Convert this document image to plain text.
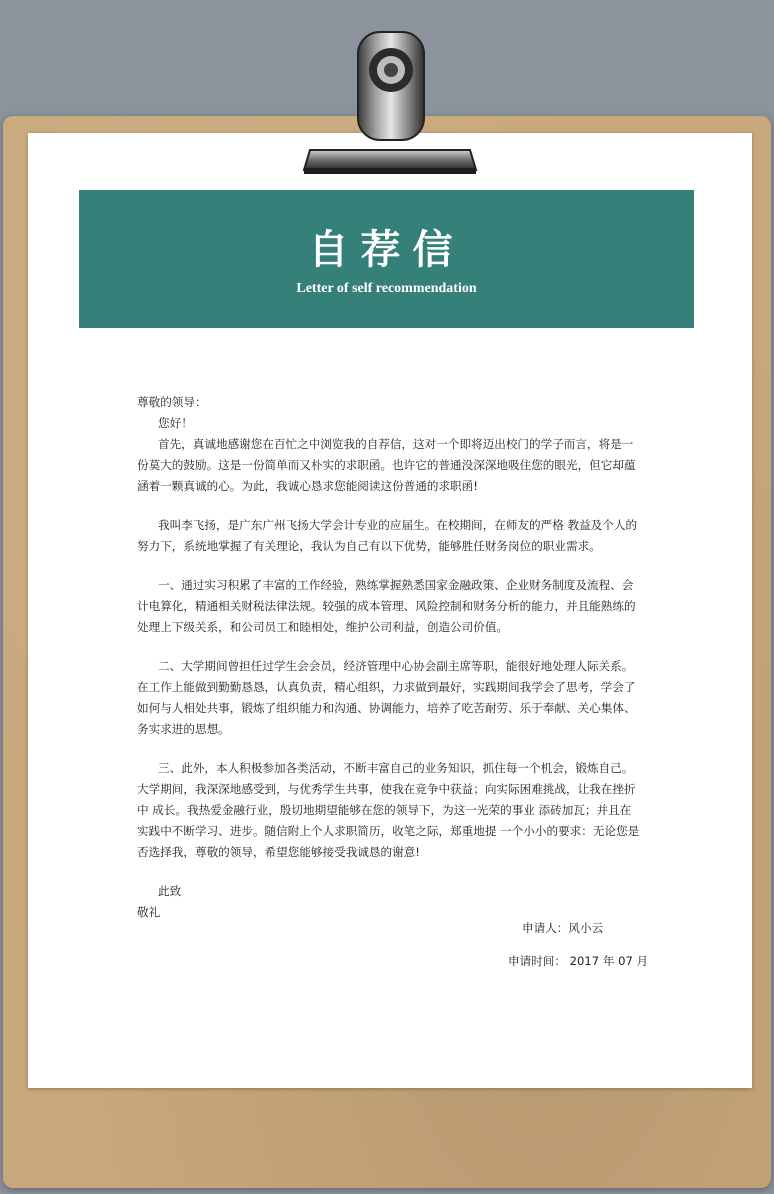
自荐信
Letter of self recommendation

尊敬的领导：

您好！

首先，真诚地感谢您在百忙之中浏览我的自荐信，这对一个即将迈出校门的学子而言，将是一份莫大的鼓励。这是一份简单而又朴实的求职函。也许它的普通没深深地吸住您的眼光，但它却蕴涵着一颗真诚的心。为此，我诚心恳求您能阅读这份普通的求职函!

我叫李飞扬，是广东广州飞扬大学会计专业的应届生。在校期间，在师友的严格 教益及个人的努力下，系统地掌握了有关理论，我认为自己有以下优势，能够胜任财务岗位的职业需求。

一、通过实习积累了丰富的工作经验，熟练掌握熟悉国家金融政策、企业财务制度及流程、会计电算化，精通相关财税法律法规。较强的成本管理、风险控制和财务分析的能力，并且能熟练的处理上下级关系，和公司员工和睦相处，维护公司利益，创造公司价值。

二、大学期间曾担任过学生会会员，经济管理中心协会副主席等职，能很好地处理人际关系。在工作上能做到勤勤恳恳，认真负责，精心组织，力求做到最好，实践期间我学会了思考，学会了如何与人相处共事，锻炼了组织能力和沟通、协调能力，培养了吃苦耐劳、乐于奉献、关心集体、务实求进的思想。

三、此外，本人积极参加各类活动，不断丰富自己的业务知识，抓住每一个机会，锻炼自己。大学期间，我深深地感受到，与优秀学生共事，使我在竞争中获益；向实际困难挑战，让我在挫折中 成长。我热爱金融行业，殷切地期望能够在您的领导下，为这一光荣的事业 添砖加瓦；并且在实践中不断学习、进步。随信附上个人求职简历，收笔之际，郑重地提 一个小小的要求：无论您是否选择我，尊敬的领导，希望您能够接受我诚恳的谢意!

此致

敬礼

申请人：风小云
申请时间： 2017 年 07 月
